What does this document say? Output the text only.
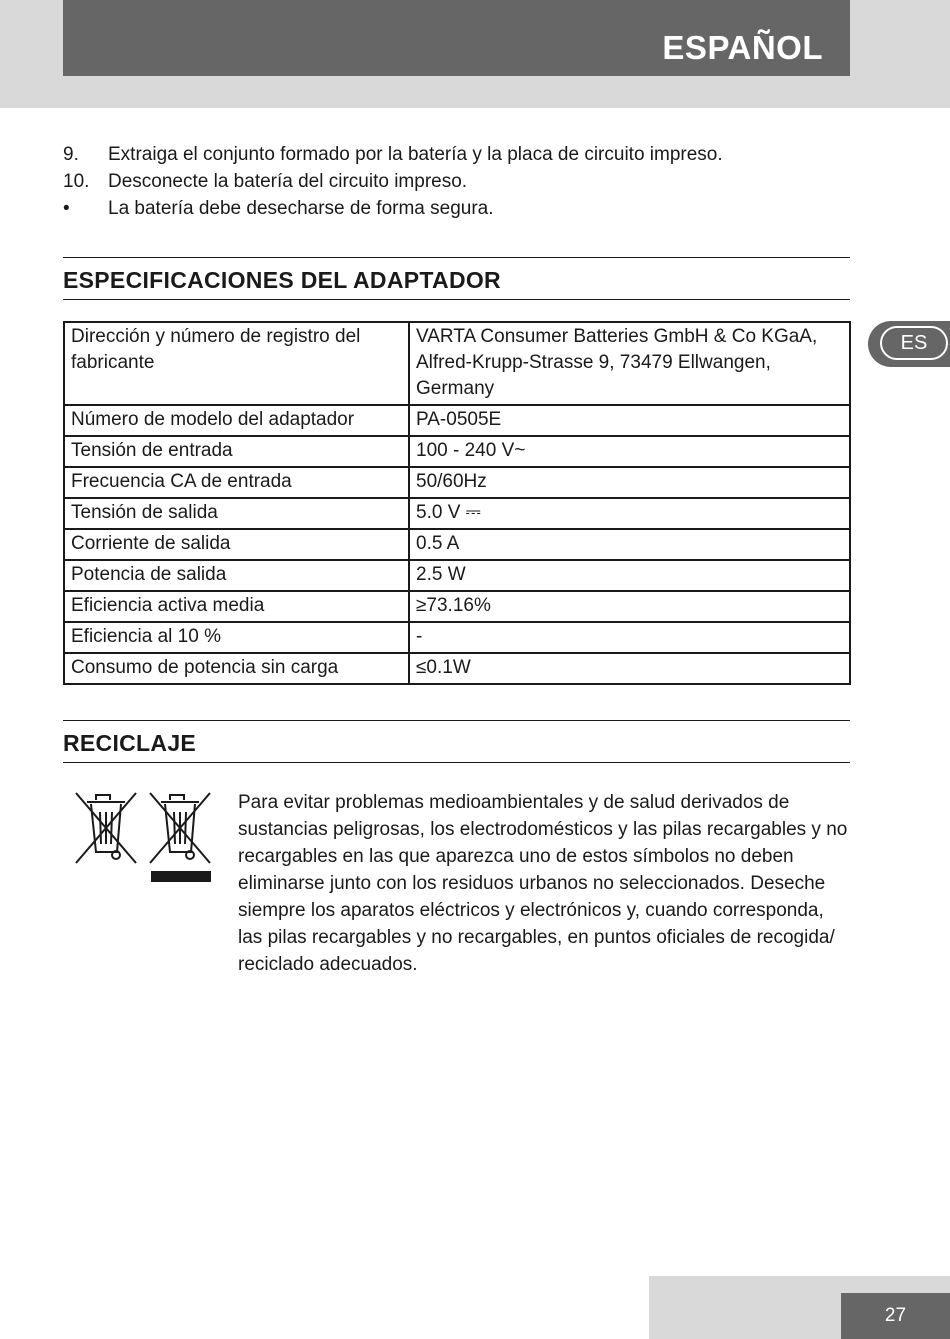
ESPAÑOL
9.	Extraiga el conjunto formado por la batería y la placa de circuito impreso.
10. Desconecte la batería del circuito impreso.
•	La batería debe desecharse de forma segura.
ESPECIFICACIONES DEL ADAPTADOR
ES
Dirección y número de registro del fabricante	VARTA Consumer Batteries GmbH & Co KGaA, Alfred-Krupp-Strasse 9, 73479 Ellwangen, Germany
Número de modelo del adaptador	PA-0505E
Tensión de entrada	100 - 240 V~
Frecuencia CA de entrada	50/60Hz
Tensión de salida	5.0 V ⎓
Corriente de salida	0.5 A
Potencia de salida	2.5 W
Eficiencia activa media	≥73.16%
Eficiencia al 10 %	-
Consumo de potencia sin carga	≤0.1W
RECICLAJE

Para evitar problemas medioambientales y de salud derivados de sustancias peligrosas, los electrodomésticos y las pilas recargables y no recargables en las que aparezca uno de estos símbolos no deben eliminarse junto con los residuos urbanos no seleccionados. Deseche siempre los aparatos eléctricos y electrónicos y, cuando corresponda, las pilas recargables y no recargables, en puntos oficiales de recogida/ reciclado adecuados.

27
